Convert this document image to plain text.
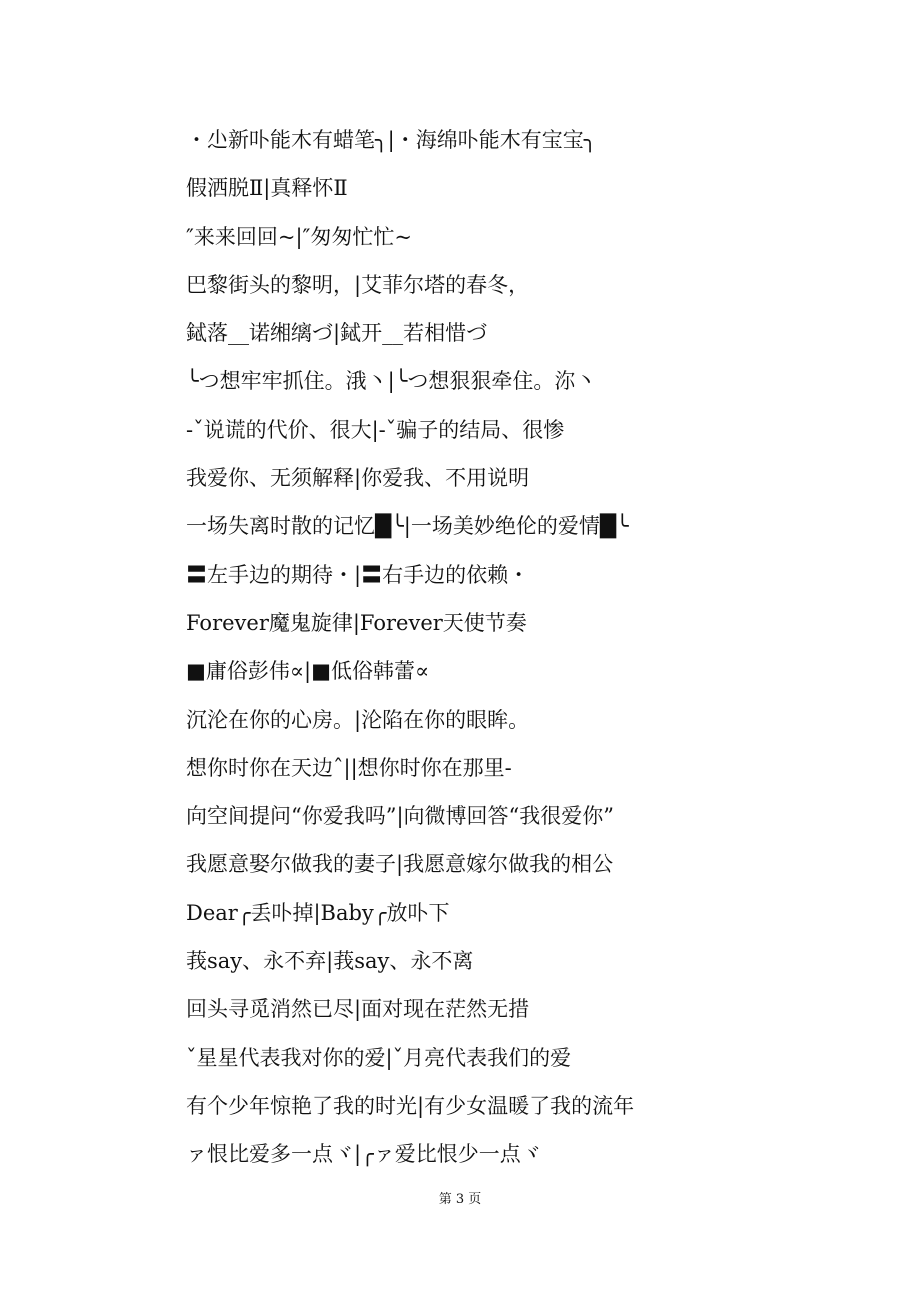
・尐新卟能木有蜡笔╮|・海绵卟能木有宝宝╮
假洒脱Ⅱ|真释怀Ⅱ
″来来回回~|″匆匆忙忙~
巴黎街头的黎明，|艾菲尔塔的春冬，
鋱落__诺缃缡づ|鋱开__若相惜づ
╰つ想牢牢抓住。涐丶|╰つ想狠狠牵住。沵丶
-ˇ说谎的代价、很大|-ˇ骗子的结局、很惨
我爱你、无须解释|你爱我、不用说明
一场失离时散的记忆█╰|一场美妙绝伦的爱情█╰
〓左手边的期待・|〓右手边的依赖・
Forever魔鬼旋律|Forever天使节奏
■庸俗彭伟∝|■低俗韩蕾∝
沉沦在你的心房。|沦陷在你的眼眸。
想你时你在天边ˆ||想你时你在那里-
向空间提问“你爱我吗”|向微博回答“我很爱你”
我愿意娶尔做我的妻子|我愿意嫁尔做我的相公
Dear╭丢卟掉|Baby╭放卟下
莪say、永不弃|莪say、永不离
回头寻觅消然已尽|面对现在茫然无措
ˇ星星代表我对你的爱|ˇ月亮代表我们的爱
有个少年惊艳了我的时光|有少女温暖了我的流年
ァ恨比爱多一点ヾ|╭ァ爱比恨少一点ヾ
第 3 页
